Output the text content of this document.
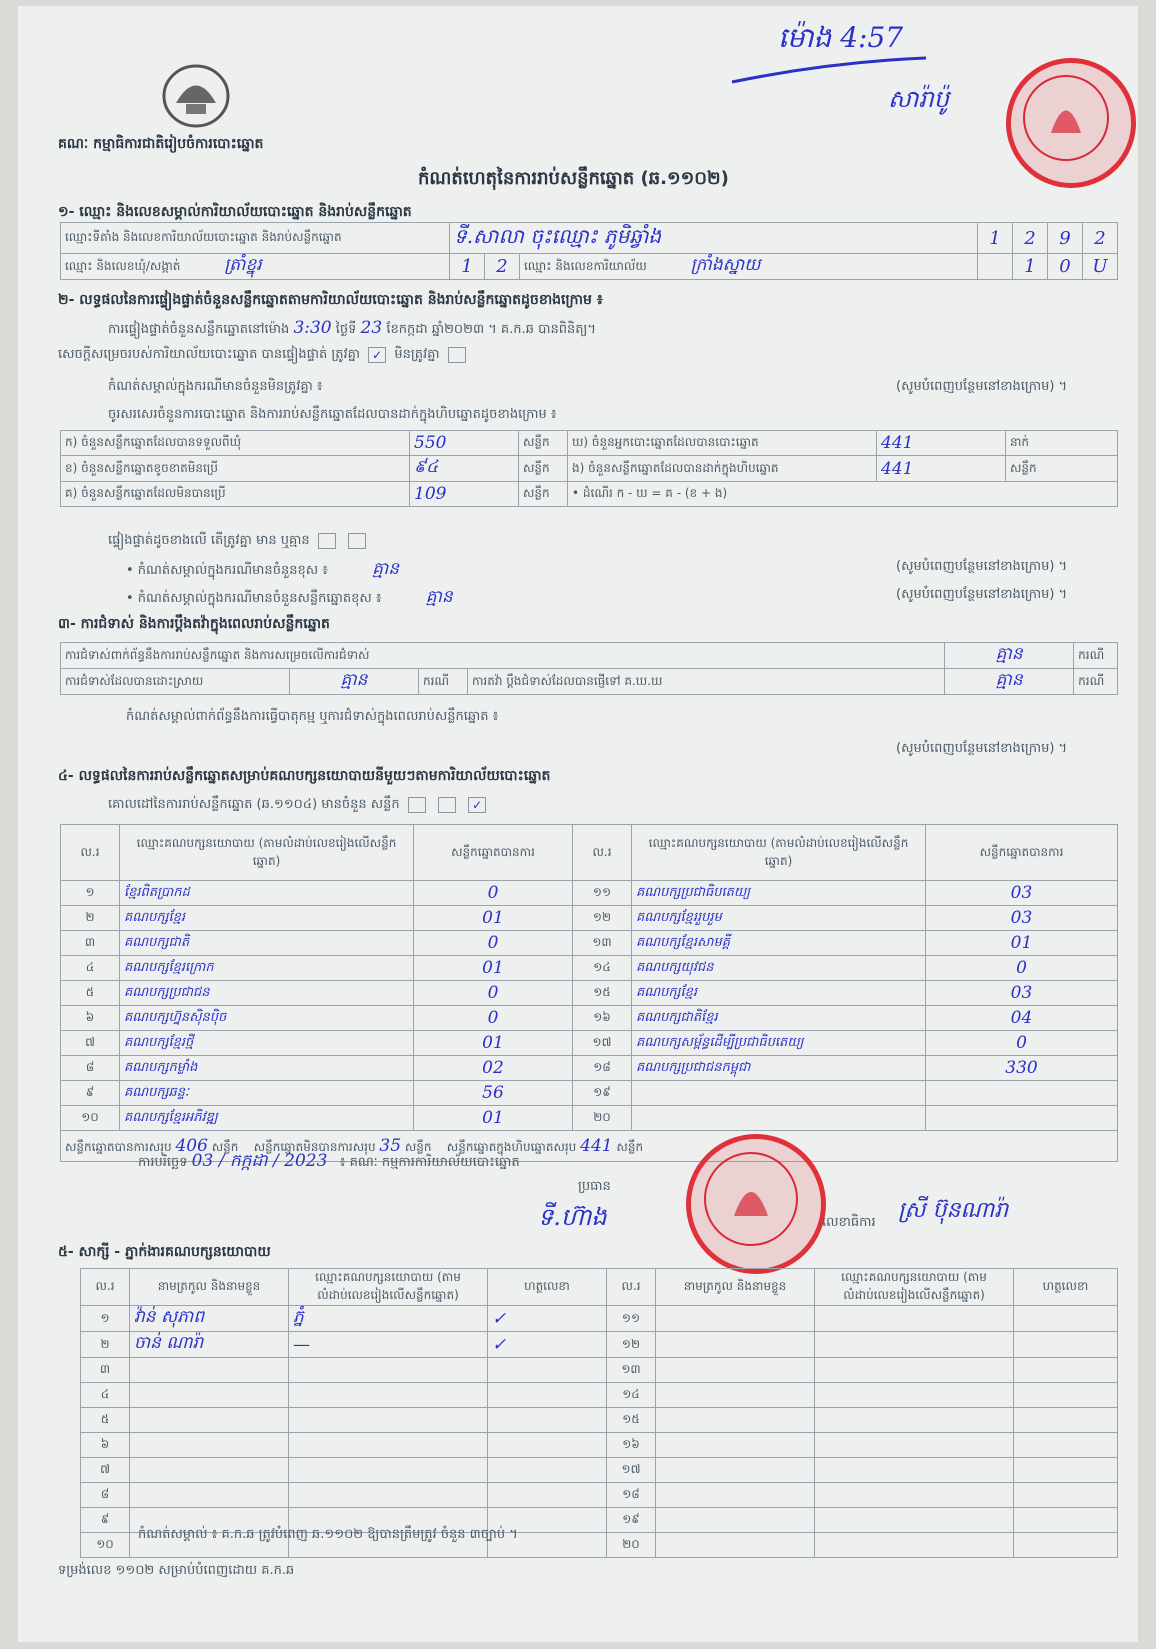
គណៈ កម្មាធិការជាតិរៀបចំការបោះឆ្នោត
ម៉ោង 4:57
សារ៉ាប៉ូ
កំណត់ហេតុនៃការរាប់សន្លឹកឆ្នោត (ឆ.១១០២)
១- ឈ្មោះ និងលេខសម្គាល់ការិយាល័យបោះឆ្នោត និងរាប់សន្លឹកឆ្នោត
ឈ្មោះទីតាំង និងលេខការិយាល័យបោះឆ្នោត និងរាប់សន្លឹកឆ្នោត	ទី.សាលា ចុះឈ្មោះ ភូមិឆ្វាំង			1	2	9	2
ឈ្មោះ និងលេខឃុំ/សង្កាត់ ត្រាំខ្នុរ	1	2	ឈ្មោះ និងលេខការិយាល័យ ក្រាំងស្នាយ		1	0	U
២- លទ្ធផលនៃការផ្ទៀងផ្ទាត់ចំនួនសន្លឹកឆ្នោតតាមការិយាល័យបោះឆ្នោត និងរាប់សន្លឹកឆ្នោតដូចខាងក្រោម ៖
ការផ្ទៀងផ្ទាត់ចំនួនសន្លឹកឆ្នោតនៅម៉ោង 3:30 ថ្ងៃទី 23 ខែកក្កដា ឆ្នាំ២០២៣ ។ គ.ក.ឆ បានពិនិត្យ។
សេចក្តីសម្រេចរបស់ការិយាល័យបោះឆ្នោត បានផ្ទៀងផ្ទាត់ ត្រូវគ្នា ✓ មិនត្រូវគ្នា
កំណត់សម្គាល់ក្នុងករណីមានចំនួនមិនត្រូវគ្នា ៖	(សូមបំពេញបន្ថែមនៅខាងក្រោម) ។
ចូរសរសេរចំនួនការបោះឆ្នោត និងការរាប់សន្លឹកឆ្នោតដែលបានដាក់ក្នុងហិបឆ្នោតដូចខាងក្រោម ៖
ក) ចំនួនសន្លឹកឆ្នោតដែលបានទទួលពីឃុំ	550	សន្លឹក	ឃ) ចំនួនអ្នកបោះឆ្នោតដែលបានបោះឆ្នោត	441	នាក់
ខ) ចំនួនសន្លឹកឆ្នោតខូចខាតមិនប្រើ	៩៤	សន្លឹក	ង) ចំនួនសន្លឹកឆ្នោតដែលបានដាក់ក្នុងហិបឆ្នោត	441	សន្លឹក
គ) ចំនួនសន្លឹកឆ្នោតដែលមិនបានប្រើ	109	សន្លឹក	• ដំណើរ ក - ឃ = គ - (ខ + ង)		
ផ្ទៀងផ្ទាត់ដូចខាងលើ តើត្រូវគ្នា មាន ឬគ្មាន
• កំណត់សម្គាល់ក្នុងករណីមានចំនួនខុស ៖	គ្មាន	(សូមបំពេញបន្ថែមនៅខាងក្រោម) ។
• កំណត់សម្គាល់ក្នុងករណីមានចំនួនសន្លឹកឆ្នោតខុស ៖	គ្មាន	(សូមបំពេញបន្ថែមនៅខាងក្រោម) ។
៣- ការជំទាស់ និងការប្តឹងតវ៉ាក្នុងពេលរាប់សន្លឹកឆ្នោត
ការជំទាស់ពាក់ព័ន្ធនឹងការរាប់សន្លឹកឆ្នោត និងការសម្រេចលើការជំទាស់				គ្មាន	ករណី
ការជំទាស់ដែលបានដោះស្រាយ	គ្មាន	ករណី	ការតវ៉ា ប្តឹងជំទាស់ដែលបានផ្ញើទៅ គ.ឃ.ឃ	គ្មាន	ករណី
កំណត់សម្គាល់ពាក់ព័ន្ធនឹងការធ្វើបាតុកម្ម ឬការជំទាស់ក្នុងពេលរាប់សន្លឹកឆ្នោត ៖
(សូមបំពេញបន្ថែមនៅខាងក្រោម) ។
៤- លទ្ធផលនៃការរាប់សន្លឹកឆ្នោតសម្រាប់គណបក្សនយោបាយនីមួយៗតាមការិយាល័យបោះឆ្នោត
គោលដៅនៃការរាប់សន្លឹកឆ្នោត (ឆ.១១០៤) មានចំនួន សន្លឹក	✓
ល.រ	ឈ្មោះគណបក្សនយោបាយ (តាមលំដាប់លេខរៀងលើសន្លឹកឆ្នោត)	សន្លឹកឆ្នោតបានការ	ល.រ	ឈ្មោះគណបក្សនយោបាយ (តាមលំដាប់លេខរៀងលើសន្លឹកឆ្នោត)	សន្លឹកឆ្នោតបានការ
១	ខ្មែរពិតប្រាកដ	0	១១	គណបក្សប្រជាធិបតេយ្យ	03
២	គណបក្សខ្មែរ	01	១២	គណបក្សខ្មែររួបរួម	03
៣	គណបក្សជាតិ	0	១៣	គណបក្សខ្មែរសាមគ្គី	01
៤	គណបក្សខ្មែរក្រោក	01	១៤	គណបក្សយុវជន	0
៥	គណបក្សប្រជាជន	0	១៥	គណបក្សខ្មែរ	03
៦	គណបក្សហ្វ៊ុនស៊ិនប៉ិច	0	១៦	គណបក្សជាតិខ្មែរ	04
៧	គណបក្សខ្មែរថ្មី	01	១៧	គណបក្សសម្ព័ន្ធដើម្បីប្រជាធិបតេយ្យ	0
៨	គណបក្សកម្លាំង	02	១៨	គណបក្សប្រជាជនកម្ពុជា	330
៩	គណបក្សឆន្ទៈ	56	១៩		
១០	គណបក្សខ្មែរអភិវឌ្ឍ	01	២០		
សន្លឹកឆ្នោតបានការសរុប 406 សន្លឹក សន្លឹកឆ្នោតមិនបានការសរុប 35 សន្លឹក សន្លឹកឆ្នោតក្នុងហិបឆ្នោតសរុប 441 សន្លឹក					
ការបរិច្ឆេទ 03 / កក្កដា / 2023 ៖ គណៈ កម្មការការិយាល័យបោះឆ្នោត
ប្រធាន
ទី.ហ៊ាង	លេខាធិការ ស្រី ប៊ុនណារ៉ា
៥- សាក្សី - ភ្នាក់ងារគណបក្សនយោបាយ
ល.រ	នាមត្រកូល និងនាមខ្លួន	ឈ្មោះគណបក្សនយោបាយ (តាមលំដាប់លេខរៀងលើសន្លឹកឆ្នោត)	ហត្ថលេខា	ល.រ	នាមត្រកូល និងនាមខ្លួន	ឈ្មោះគណបក្សនយោបាយ (តាមលំដាប់លេខរៀងលើសន្លឹកឆ្នោត)	ហត្ថលេខា
១	វ៉ាន់ សុភាព	ភ្នំ	✓	១១			
២	ចាន់ ណារ៉ា	—	✓	១២			
៣				១៣			
៤				១៤			
៥				១៥			
៦				១៦			
៧				១៧			
៨				១៨			
៩				១៩			
១០				២០			
កំណត់សម្គាល់ ៖ គ.ក.ឆ ត្រូវបំពេញ ឆ.១១០២ ឱ្យបានត្រឹមត្រូវ ចំនួន ៣ច្បាប់ ។
ទម្រង់លេខ ១១០២ សម្រាប់បំពេញដោយ គ.ក.ឆ
